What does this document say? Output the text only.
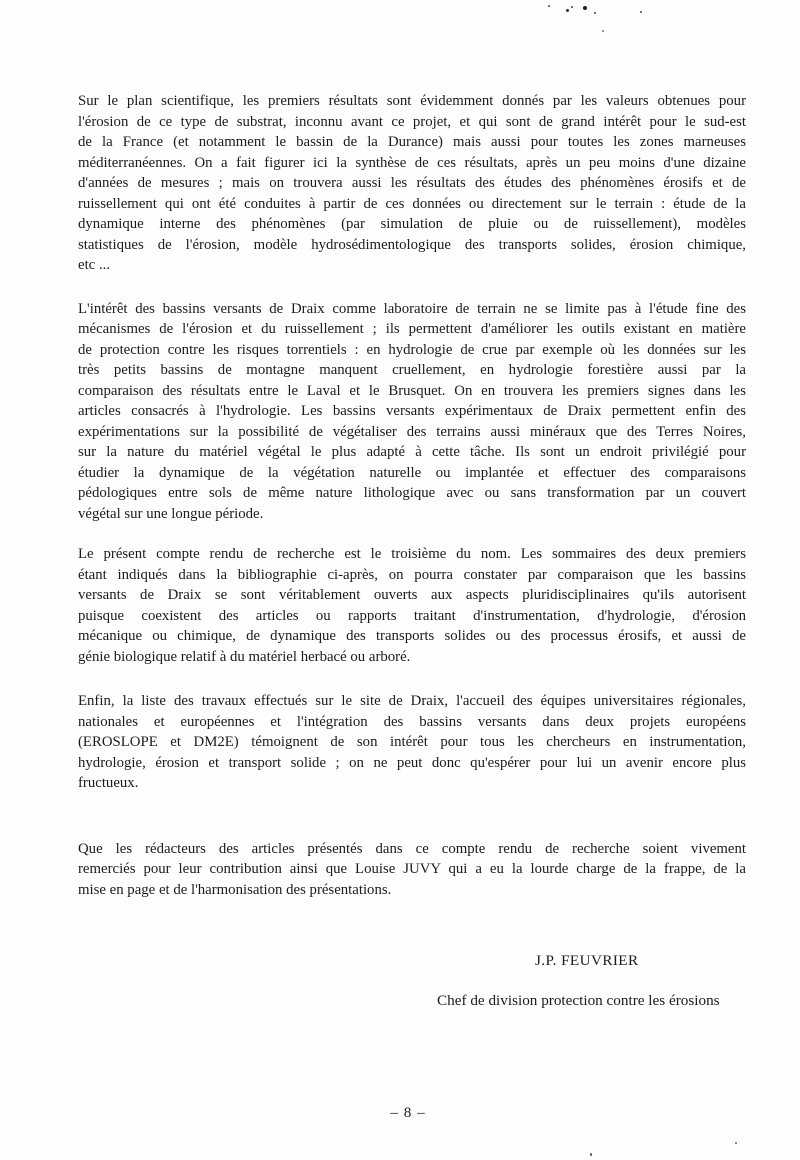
Sur le plan scientifique, les premiers résultats sont évidemment donnés par les valeurs obtenues pour
l'érosion de ce type de substrat, inconnu avant ce projet, et qui sont de grand intérêt pour le sud-est
de la France (et notamment le bassin de la Durance) mais aussi pour toutes les zones marneuses
méditerranéennes. On a fait figurer ici la synthèse de ces résultats, après un peu moins d'une dizaine
d'années de mesures ; mais on trouvera aussi les résultats des études des phénomènes érosifs et de
ruissellement qui ont été conduites à partir de ces données ou directement sur le terrain : étude de la
dynamique interne des phénomènes (par simulation de pluie ou de ruissellement), modèles
statistiques de l'érosion, modèle hydrosédimentologique des transports solides, érosion chimique,
etc ...

L'intérêt des bassins versants de Draix comme laboratoire de terrain ne se limite pas à l'étude fine des
mécanismes de l'érosion et du ruissellement ; ils permettent d'améliorer les outils existant en matière
de protection contre les risques torrentiels : en hydrologie de crue par exemple où les données sur les
très petits bassins de montagne manquent cruellement, en hydrologie forestière aussi par la
comparaison des résultats entre le Laval et le Brusquet. On en trouvera les premiers signes dans les
articles consacrés à l'hydrologie. Les bassins versants expérimentaux de Draix permettent enfin des
expérimentations sur la possibilité de végétaliser des terrains aussi minéraux que des Terres Noires,
sur la nature du matériel végétal le plus adapté à cette tâche. Ils sont un endroit privilégié pour
étudier la dynamique de la végétation naturelle ou implantée et effectuer des comparaisons
pédologiques entre sols de même nature lithologique avec ou sans transformation par un couvert
végétal sur une longue période.

Le présent compte rendu de recherche est le troisième du nom. Les sommaires des deux premiers
étant indiqués dans la bibliographie ci-après, on pourra constater par comparaison que les bassins
versants de Draix se sont véritablement ouverts aux aspects pluridisciplinaires qu'ils autorisent
puisque coexistent des articles ou rapports traitant d'instrumentation, d'hydrologie, d'érosion
mécanique ou chimique, de dynamique des transports solides ou des processus érosifs, et aussi de
génie biologique relatif à du matériel herbacé ou arboré.

Enfin, la liste des travaux effectués sur le site de Draix, l'accueil des équipes universitaires régionales,
nationales et européennes et l'intégration des bassins versants dans deux projets européens
(EROSLOPE et DM2E) témoignent de son intérêt pour tous les chercheurs en instrumentation,
hydrologie, érosion et transport solide ; on ne peut donc qu'espérer pour lui un avenir encore plus
fructueux.

Que les rédacteurs des articles présentés dans ce compte rendu de recherche soient vivement
remerciés pour leur contribution ainsi que Louise JUVY qui a eu la lourde charge de la frappe, de la
mise en page et de l'harmonisation des présentations.

J.P. FEUVRIER
Chef de division protection contre les érosions
– 8 –
